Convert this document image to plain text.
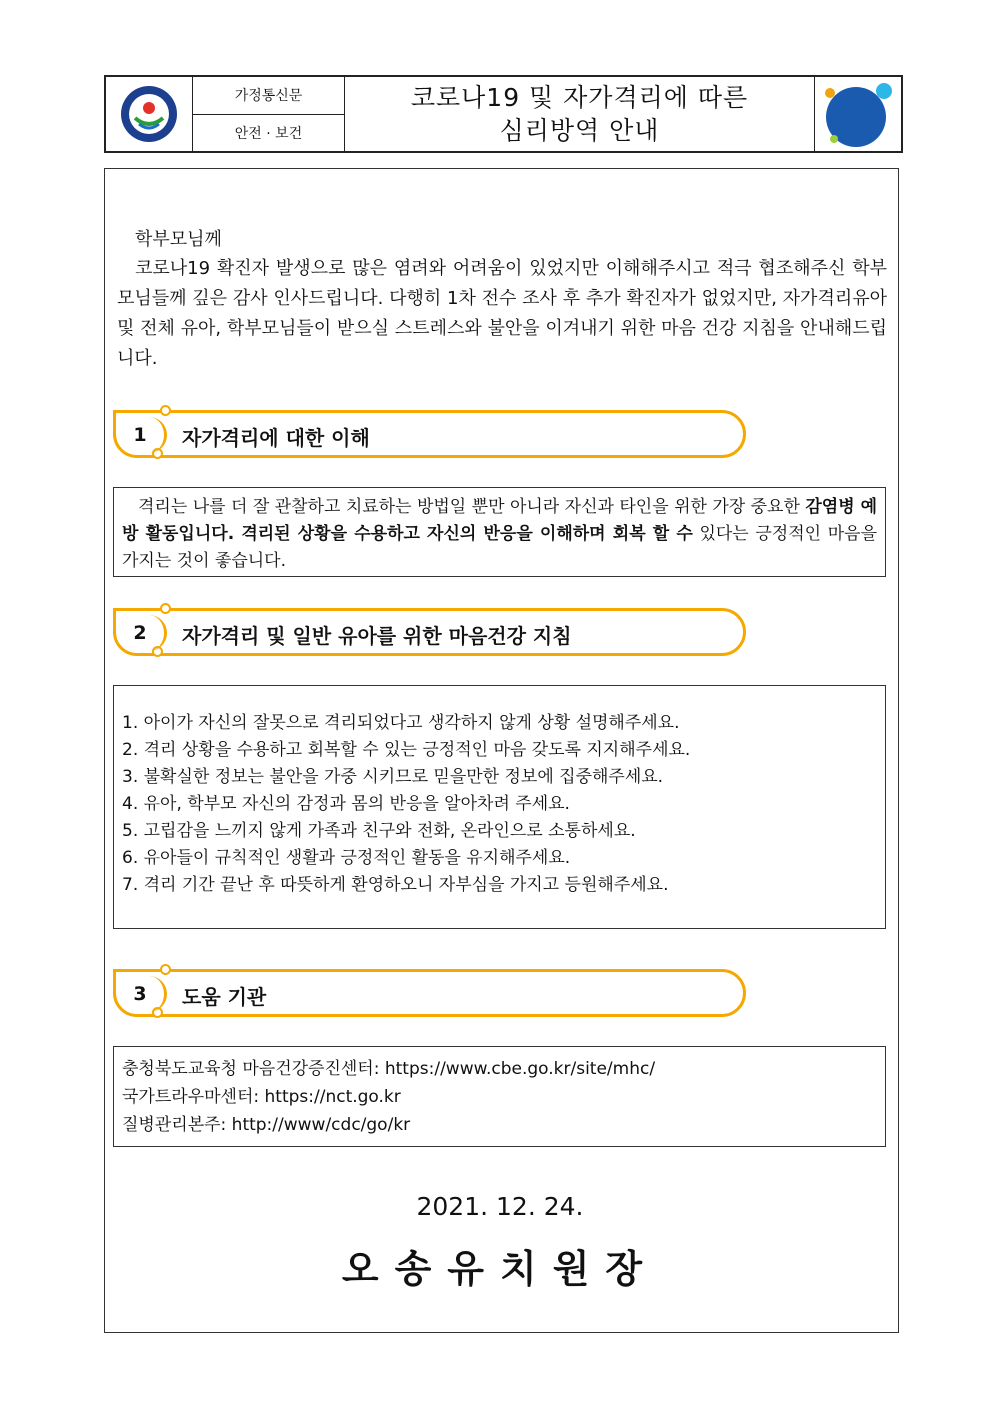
가정통신문
안전 · 보건
코로나19 및 자가격리에 따른
심리방역 안내
학부모님께
코로나19 확진자 발생으로 많은 염려와 어려움이 있었지만 이해해주시고 적극 협조해주신 학부모님들께 깊은 감사 인사드립니다. 다행히 1차 전수 조사 후 추가 확진자가 없었지만, 자가격리유아 및 전체 유아, 학부모님들이 받으실 스트레스와 불안을 이겨내기 위한 마음 건강 지침을 안내해드립니다.
1	자가격리에 대한 이해
격리는 나를 더 잘 관찰하고 치료하는 방법일 뿐만 아니라 자신과 타인을 위한 가장 중요한 감염병 예방 활동입니다. 격리된 상황을 수용하고 자신의 반응을 이해하며 회복 할 수 있다는 긍정적인 마음을 가지는 것이 좋습니다.
2	자가격리 및 일반 유아를 위한 마음건강 지침
1. 아이가 자신의 잘못으로 격리되었다고 생각하지 않게 상황 설명해주세요.
2. 격리 상황을 수용하고 회복할 수 있는 긍정적인 마음 갖도록 지지해주세요.
3. 불확실한 정보는 불안을 가중 시키므로 믿을만한 정보에 집중해주세요.
4. 유아, 학부모 자신의 감정과 몸의 반응을 알아차려 주세요.
5. 고립감을 느끼지 않게 가족과 친구와 전화, 온라인으로 소통하세요.
6. 유아들이 규칙적인 생활과 긍정적인 활동을 유지해주세요.
7. 격리 기간 끝난 후 따뜻하게 환영하오니 자부심을 가지고 등원해주세요.
3	도움 기관
충청북도교육청 마음건강증진센터: https://www.cbe.go.kr/site/mhc/
국가트라우마센터: https://nct.go.kr
질병관리본주: http://www/cdc/go/kr
2021. 12. 24.
오송유치원장
